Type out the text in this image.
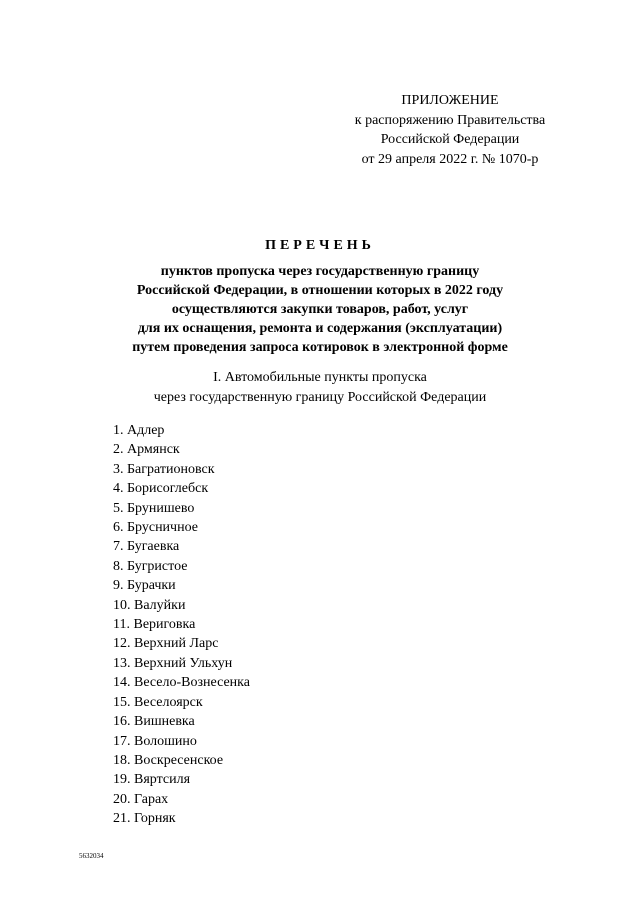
ПРИЛОЖЕНИЕ
к распоряжению Правительства
Российской Федерации
от 29 апреля 2022 г. № 1070-р
ПЕРЕЧЕНЬ
пунктов пропуска через государственную границу
Российской Федерации, в отношении которых в 2022 году
осуществляются закупки товаров, работ, услуг
для их оснащения, ремонта и содержания (эксплуатации)
путем проведения запроса котировок в электронной форме
I. Автомобильные пункты пропуска
через государственную границу Российской Федерации
1. Адлер
2. Армянск
3. Багратионовск
4. Борисоглебск
5. Брунишево
6. Брусничное
7. Бугаевка
8. Бугристое
9. Бурачки
10. Валуйки
11. Вериговка
12. Верхний Ларс
13. Верхний Ульхун
14. Весело-Вознесенка
15. Веселоярск
16. Вишневка
17. Волошино
18. Воскресенское
19. Вяртсиля
20. Гарах
21. Горняк
5632034
